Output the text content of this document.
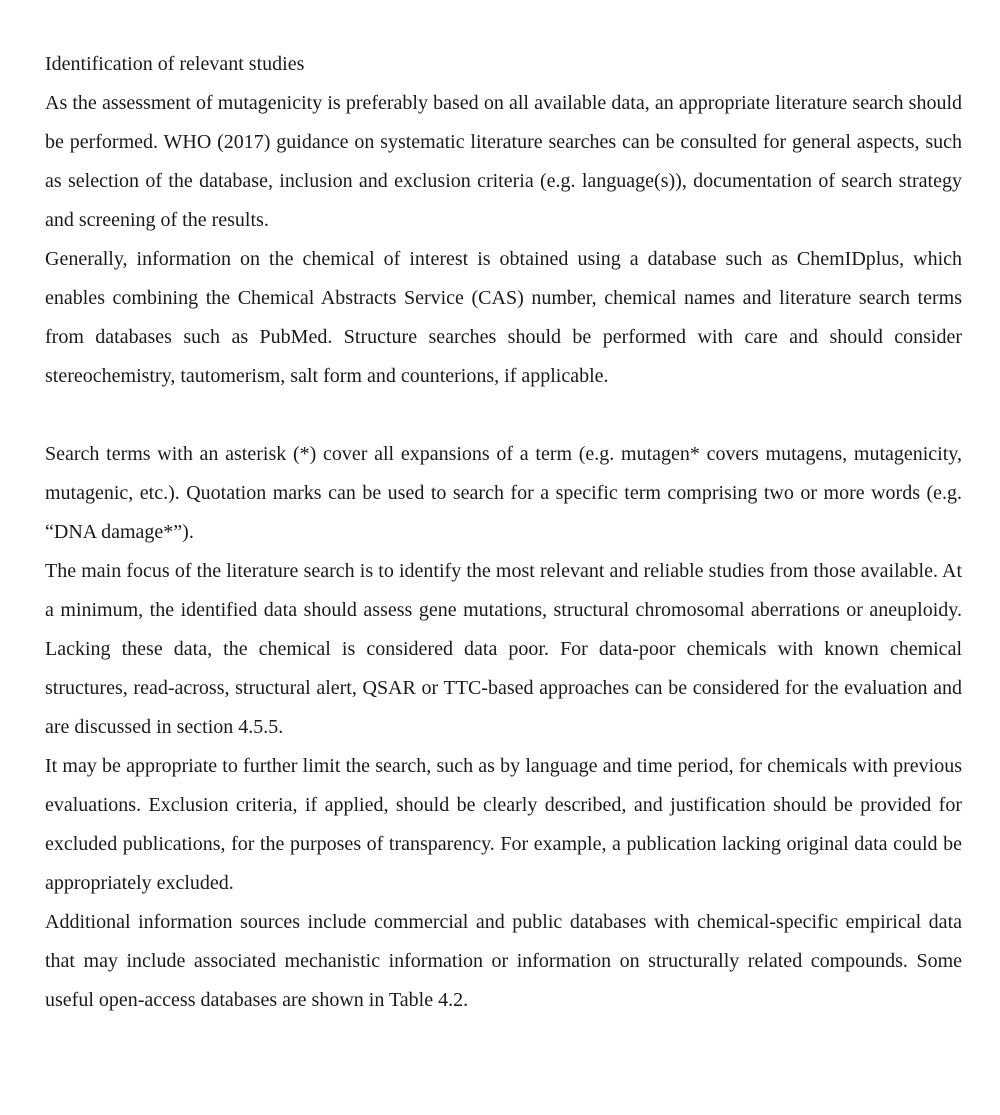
Identification of relevant studies

As the assessment of mutagenicity is preferably based on all available data, an appropriate literature search should be performed. WHO (2017) guidance on systematic literature searches can be consulted for general aspects, such as selection of the database, inclusion and exclusion criteria (e.g. language(s)), documentation of search strategy and screening of the results.

Generally, information on the chemical of interest is obtained using a database such as ChemIDplus, which enables combining the Chemical Abstracts Service (CAS) number, chemical names and literature search terms from databases such as PubMed. Structure searches should be performed with care and should consider stereochemistry, tautomerism, salt form and counterions, if applicable.

Search terms with an asterisk (*) cover all expansions of a term (e.g. mutagen* covers mutagens, mutagenicity, mutagenic, etc.). Quotation marks can be used to search for a specific term comprising two or more words (e.g. “DNA damage*”).

The main focus of the literature search is to identify the most relevant and reliable studies from those available. At a minimum, the identified data should assess gene mutations, structural chromosomal aberrations or aneuploidy. Lacking these data, the chemical is considered data poor. For data-poor chemicals with known chemical structures, read-across, structural alert, QSAR or TTC-based approaches can be considered for the evaluation and are discussed in section 4.5.5.

It may be appropriate to further limit the search, such as by language and time period, for chemicals with previous evaluations. Exclusion criteria, if applied, should be clearly described, and justification should be provided for excluded publications, for the purposes of transparency. For example, a publication lacking original data could be appropriately excluded.

Additional information sources include commercial and public databases with chemical-specific empirical data that may include associated mechanistic information or information on structurally related compounds. Some useful open-access databases are shown in Table 4.2.
